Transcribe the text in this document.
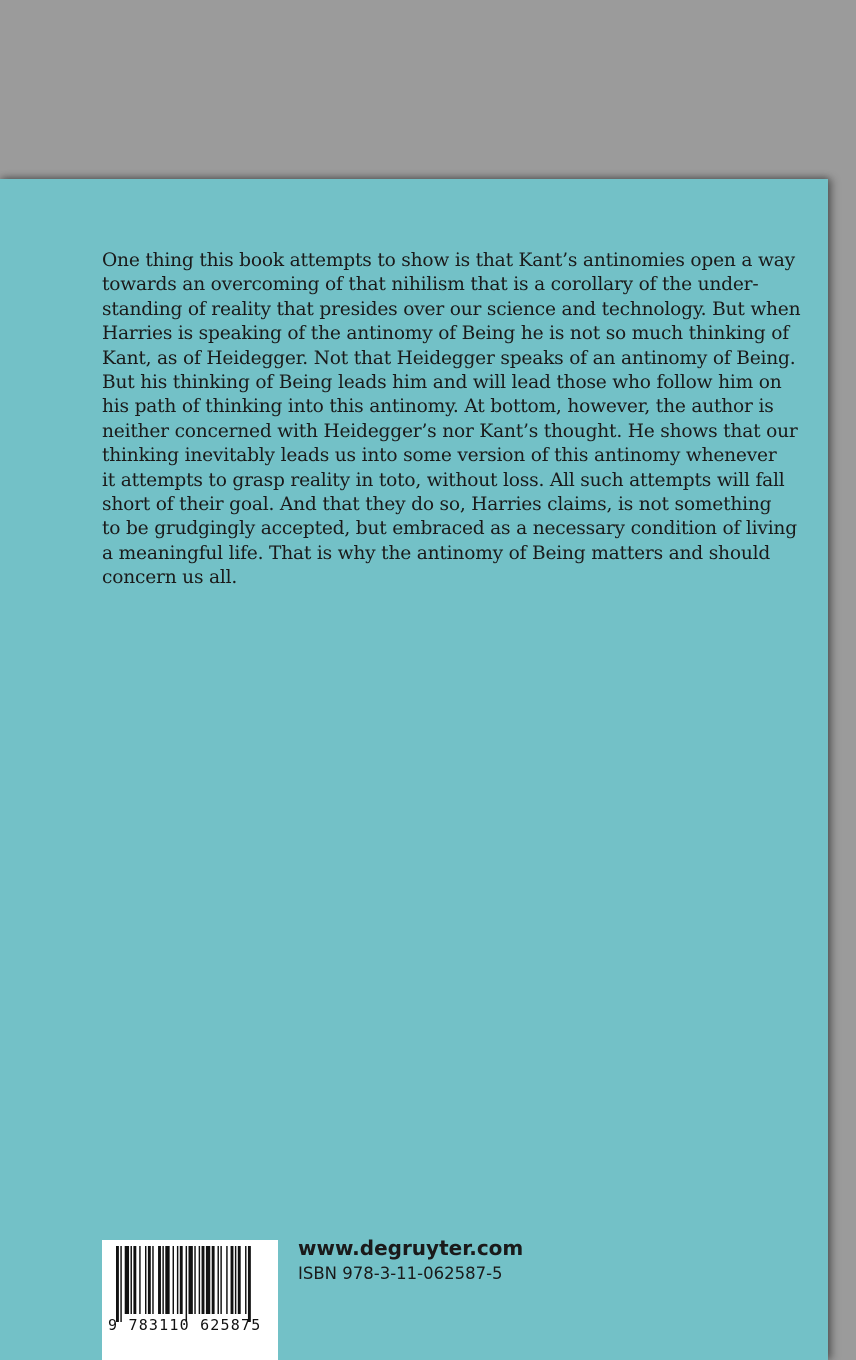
One thing this book attempts to show is that Kant’s antinomies open a way
towards an overcoming of that nihilism that is a corollary of the under-
standing of reality that presides over our science and technology. But when
Harries is speaking of the antinomy of Being he is not so much thinking of
Kant, as of Heidegger. Not that Heidegger speaks of an antinomy of Being.
But his thinking of Being leads him and will lead those who follow him on
his path of thinking into this antinomy. At bottom, however, the author is
neither concerned with Heidegger’s nor Kant’s thought. He shows that our
thinking inevitably leads us into some version of this antinomy whenever
it attempts to grasp reality in toto, without loss. All such attempts will fall
short of their goal. And that they do so, Harries claims, is not something
to be grudgingly accepted, but embraced as a necessary condition of living
a meaningful life. That is why the antinomy of Being matters and should
concern us all.

9 783110 625875
www.degruyter.com
ISBN 978-3-11-062587-5
